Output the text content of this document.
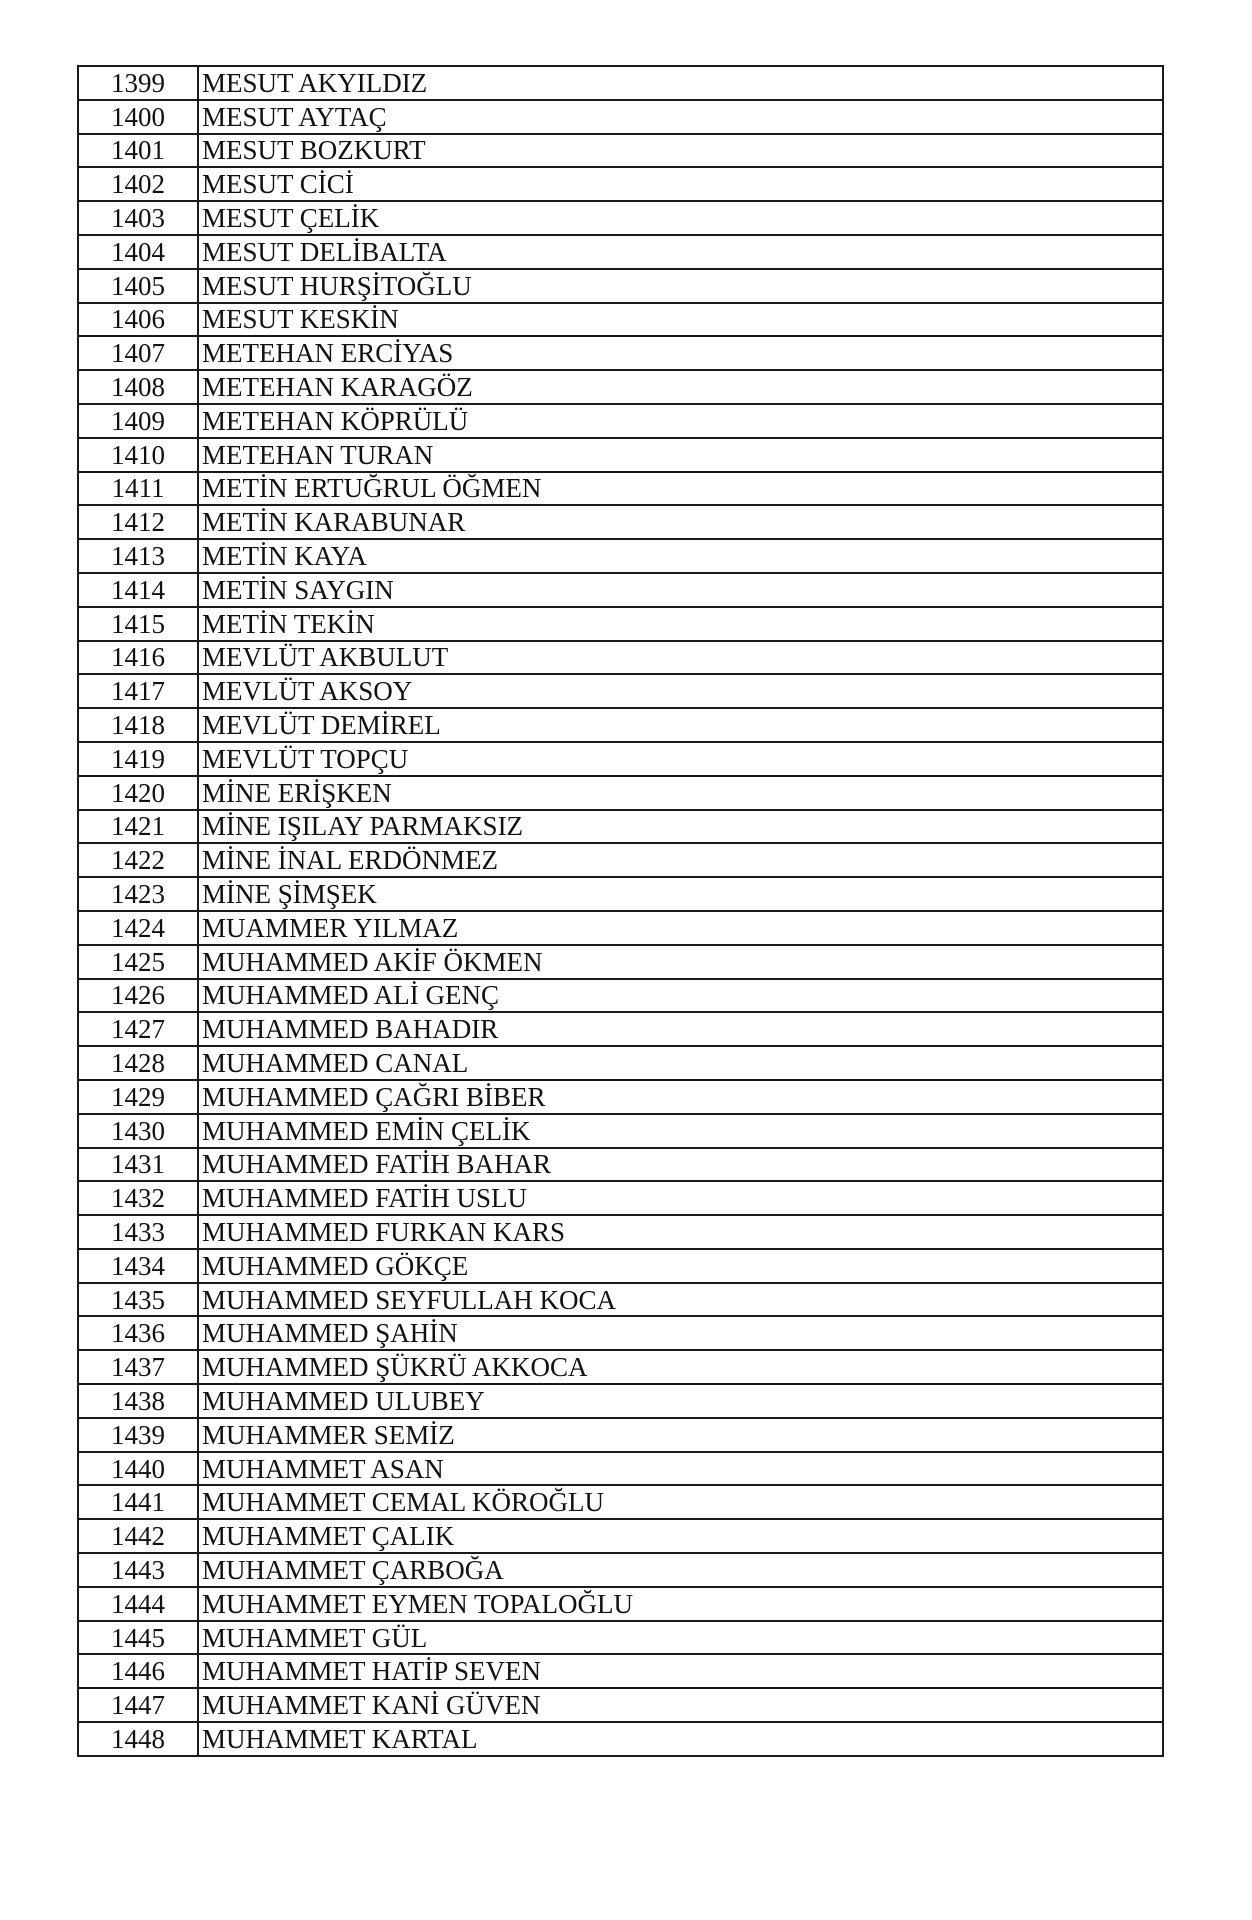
1399	MESUT AKYILDIZ
1400	MESUT AYTAÇ
1401	MESUT BOZKURT
1402	MESUT CİCİ
1403	MESUT ÇELİK
1404	MESUT DELİBALTA
1405	MESUT HURŞİTOĞLU
1406	MESUT KESKİN
1407	METEHAN ERCİYAS
1408	METEHAN KARAGÖZ
1409	METEHAN KÖPRÜLÜ
1410	METEHAN TURAN
1411	METİN ERTUĞRUL ÖĞMEN
1412	METİN KARABUNAR
1413	METİN KAYA
1414	METİN SAYGIN
1415	METİN TEKİN
1416	MEVLÜT AKBULUT
1417	MEVLÜT AKSOY
1418	MEVLÜT DEMİREL
1419	MEVLÜT TOPÇU
1420	MİNE ERİŞKEN
1421	MİNE IŞILAY PARMAKSIZ
1422	MİNE İNAL ERDÖNMEZ
1423	MİNE ŞİMŞEK
1424	MUAMMER YILMAZ
1425	MUHAMMED AKİF ÖKMEN
1426	MUHAMMED ALİ GENÇ
1427	MUHAMMED BAHADIR
1428	MUHAMMED CANAL
1429	MUHAMMED ÇAĞRI BİBER
1430	MUHAMMED EMİN ÇELİK
1431	MUHAMMED FATİH BAHAR
1432	MUHAMMED FATİH USLU
1433	MUHAMMED FURKAN KARS
1434	MUHAMMED GÖKÇE
1435	MUHAMMED SEYFULLAH KOCA
1436	MUHAMMED ŞAHİN
1437	MUHAMMED ŞÜKRÜ AKKOCA
1438	MUHAMMED ULUBEY
1439	MUHAMMER SEMİZ
1440	MUHAMMET ASAN
1441	MUHAMMET CEMAL KÖROĞLU
1442	MUHAMMET ÇALIK
1443	MUHAMMET ÇARBOĞA
1444	MUHAMMET EYMEN TOPALOĞLU
1445	MUHAMMET GÜL
1446	MUHAMMET HATİP SEVEN
1447	MUHAMMET KANİ GÜVEN
1448	MUHAMMET KARTAL
